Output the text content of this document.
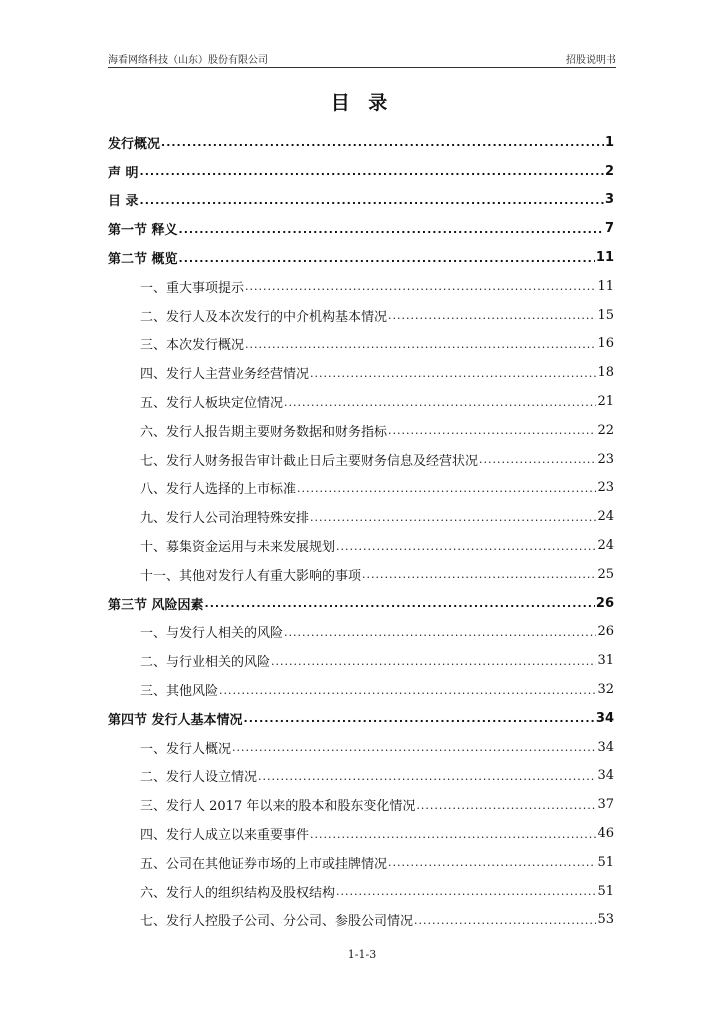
海看网络科技（山东）股份有限公司	招股说明书
目 录
发行概况 .....	1
声 明 .....	2
目 录 .....	3
第一节 释义 .....	7
第二节 概览 .....	11
一、重大事项提示 .....	11
二、发行人及本次发行的中介机构基本情况 .....	15
三、本次发行概况 .....	16
四、发行人主营业务经营情况 .....	18
五、发行人板块定位情况 .....	21
六、发行人报告期主要财务数据和财务指标 .....	22
七、发行人财务报告审计截止日后主要财务信息及经营状况 .....	23
八、发行人选择的上市标准 .....	23
九、发行人公司治理特殊安排 .....	24
十、募集资金运用与未来发展规划 .....	24
十一、其他对发行人有重大影响的事项 .....	25
第三节 风险因素 .....	26
一、与发行人相关的风险 .....	26
二、与行业相关的风险 .....	31
三、其他风险 .....	32
第四节 发行人基本情况 .....	34
一、发行人概况 .....	34
二、发行人设立情况 .....	34
三、发行人 2017 年以来的股本和股东变化情况 .....	37
四、发行人成立以来重要事件 .....	46
五、公司在其他证券市场的上市或挂牌情况 .....	51
六、发行人的组织结构及股权结构 .....	51
七、发行人控股子公司、分公司、参股公司情况 .....	53
1-1-3
